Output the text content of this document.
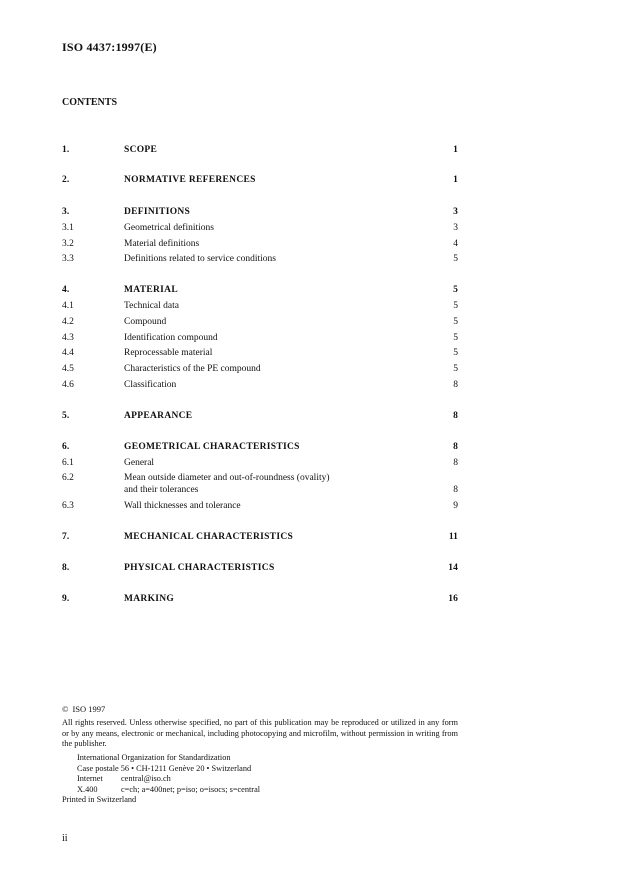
ISO 4437:1997(E)
CONTENTS
1.	SCOPE	1
2.	NORMATIVE REFERENCES	1
3.	DEFINITIONS	3
3.1	Geometrical definitions	3
3.2	Material definitions	4
3.3	Definitions related to service conditions	5
4.	MATERIAL	5
4.1	Technical data	5
4.2	Compound	5
4.3	Identification compound	5
4.4	Reprocessable material	5
4.5	Characteristics of the PE compound	5
4.6	Classification	8
5.	APPEARANCE	8
6.	GEOMETRICAL CHARACTERISTICS	8
6.1	General	8
6.2	Mean outside diameter and out-of-roundness (ovality)
and their tolerances	8
6.3	Wall thicknesses and tolerance	9
7.	MECHANICAL CHARACTERISTICS	11
8.	PHYSICAL CHARACTERISTICS	14
9.	MARKING	16
© ISO 1997
All rights reserved. Unless otherwise specified, no part of this publication may be reproduced or utilized in any form or by any means, electronic or mechanical, including photocopying and microfilm, without permission in writing from the publisher.
International Organization for Standardization
Case postale 56 • CH-1211 Genève 20 • Switzerland
Internet central@iso.ch
X.400	c=ch; a=400net; p=iso; o=isocs; s=central
Printed in Switzerland
ii
